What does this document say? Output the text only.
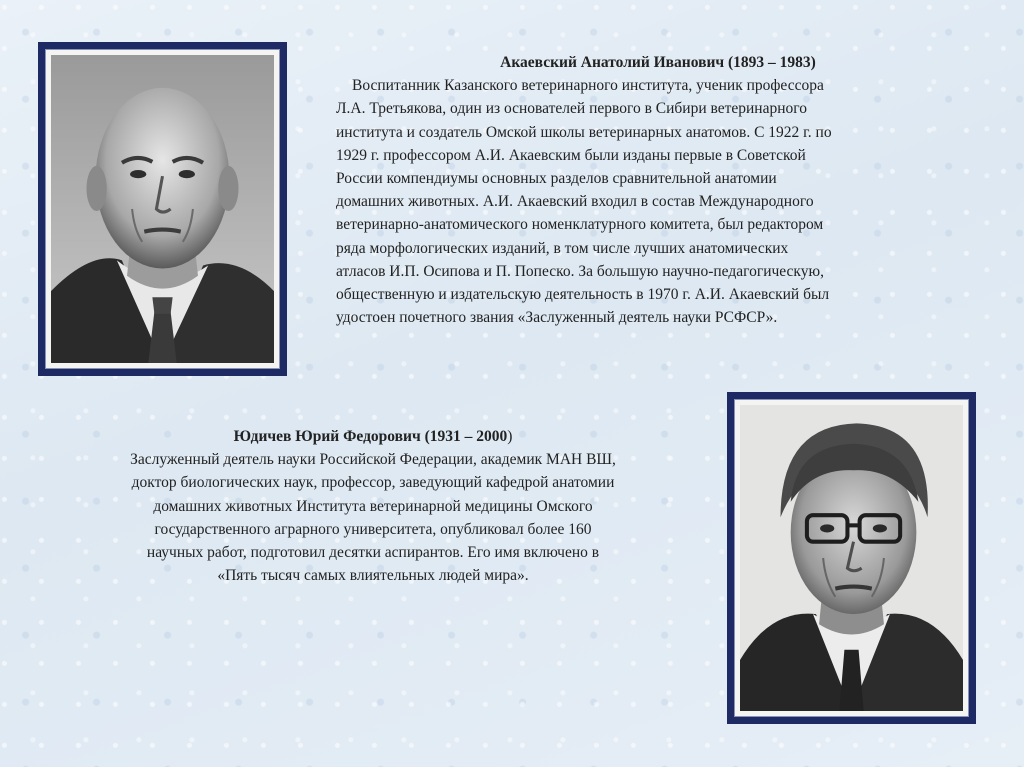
Акаевский Анатолий Иванович (1893 – 1983)
Воспитанник Казанского ветеринарного института, ученик профессора
Л.А. Третьякова, один из основателей первого в Сибири ветеринарного
института и создатель Омской школы ветеринарных анатомов. С 1922 г. по
1929 г. профессором А.И. Акаевским были изданы первые в Советской
России компендиумы основных разделов сравнительной анатомии
домашних животных. А.И. Акаевский входил в состав Международного
ветеринарно-анатомического номенклатурного комитета, был редактором
ряда морфологических изданий, в том числе лучших анатомических
атласов И.П. Осипова и П. Попеско. За большую научно-педагогическую,
общественную и издательскую деятельность в 1970 г. А.И. Акаевский был
удостоен почетного звания «Заслуженный деятель науки РСФСР».
Юдичев Юрий Федорович (1931 – 2000)
Заслуженный деятель науки Российской Федерации, академик МАН ВШ,
доктор биологических наук, профессор, заведующий кафедрой анатомии
домашних животных Института ветеринарной медицины Омского
государственного аграрного университета, опубликовал более 160
научных работ, подготовил десятки аспирантов. Его имя включено в
«Пять тысяч самых влиятельных людей мира».
